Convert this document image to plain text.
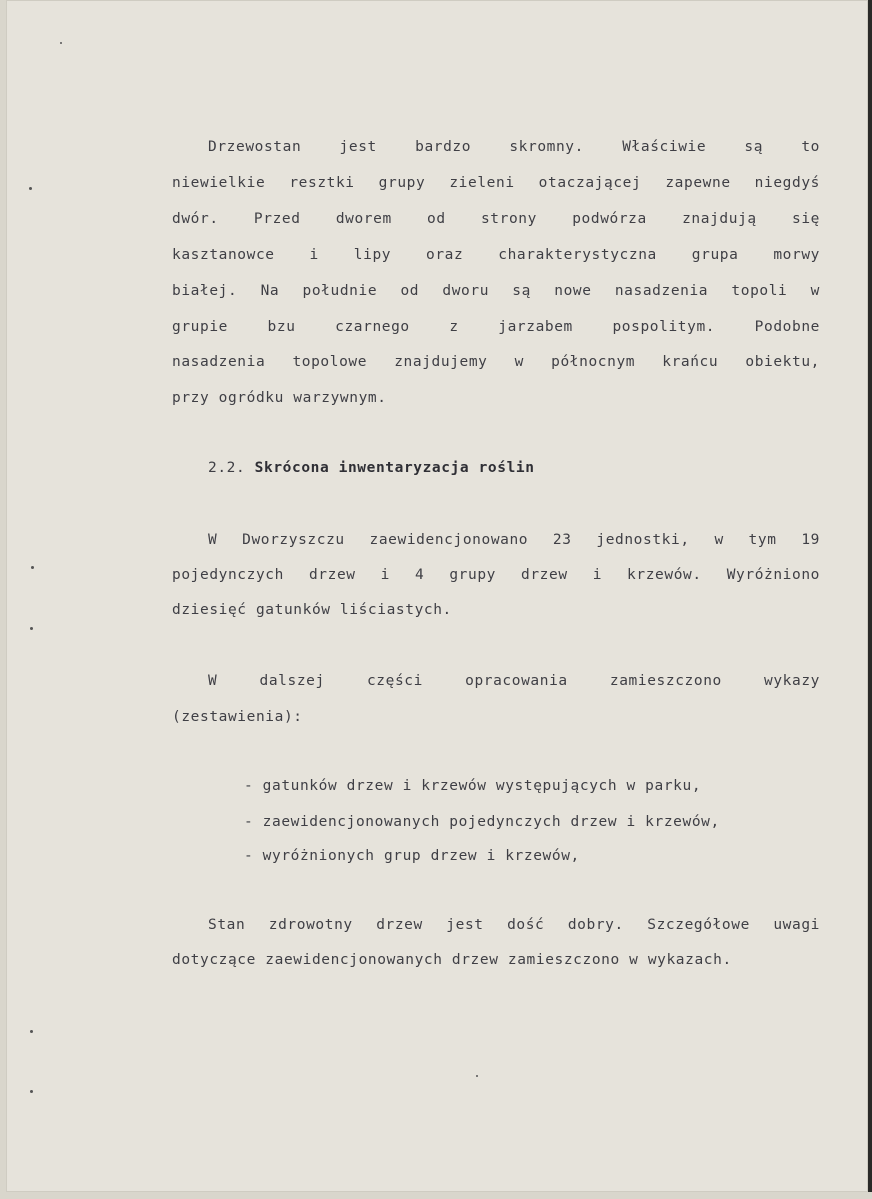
Drzewostan jest bardzo skromny. Właściwie są to
niewielkie resztki grupy zieleni otaczającej zapewne niegdyś
dwór. Przed dworem od strony podwórza znajdują się
kasztanowce i lipy oraz charakterystyczna grupa morwy
białej. Na południe od dworu są nowe nasadzenia topoli w
grupie bzu czarnego z jarzabem pospolitym. Podobne
nasadzenia topolowe znajdujemy w północnym krańcu obiektu,
przy ogródku warzywnym.
2.2. Skrócona inwentaryzacja roślin
W Dworzyszczu zaewidencjonowano 23 jednostki, w tym 19
pojedynczych drzew i 4 grupy drzew i krzewów. Wyróżniono
dziesięć gatunków liściastych.
W dalszej części opracowania zamieszczono wykazy
(zestawienia):
- gatunków drzew i krzewów występujących w parku,
- zaewidencjonowanych pojedynczych drzew i krzewów,
- wyróżnionych grup drzew i krzewów,
Stan zdrowotny drzew jest dość dobry. Szczegółowe uwagi
dotyczące zaewidencjonowanych drzew zamieszczono w wykazach.
